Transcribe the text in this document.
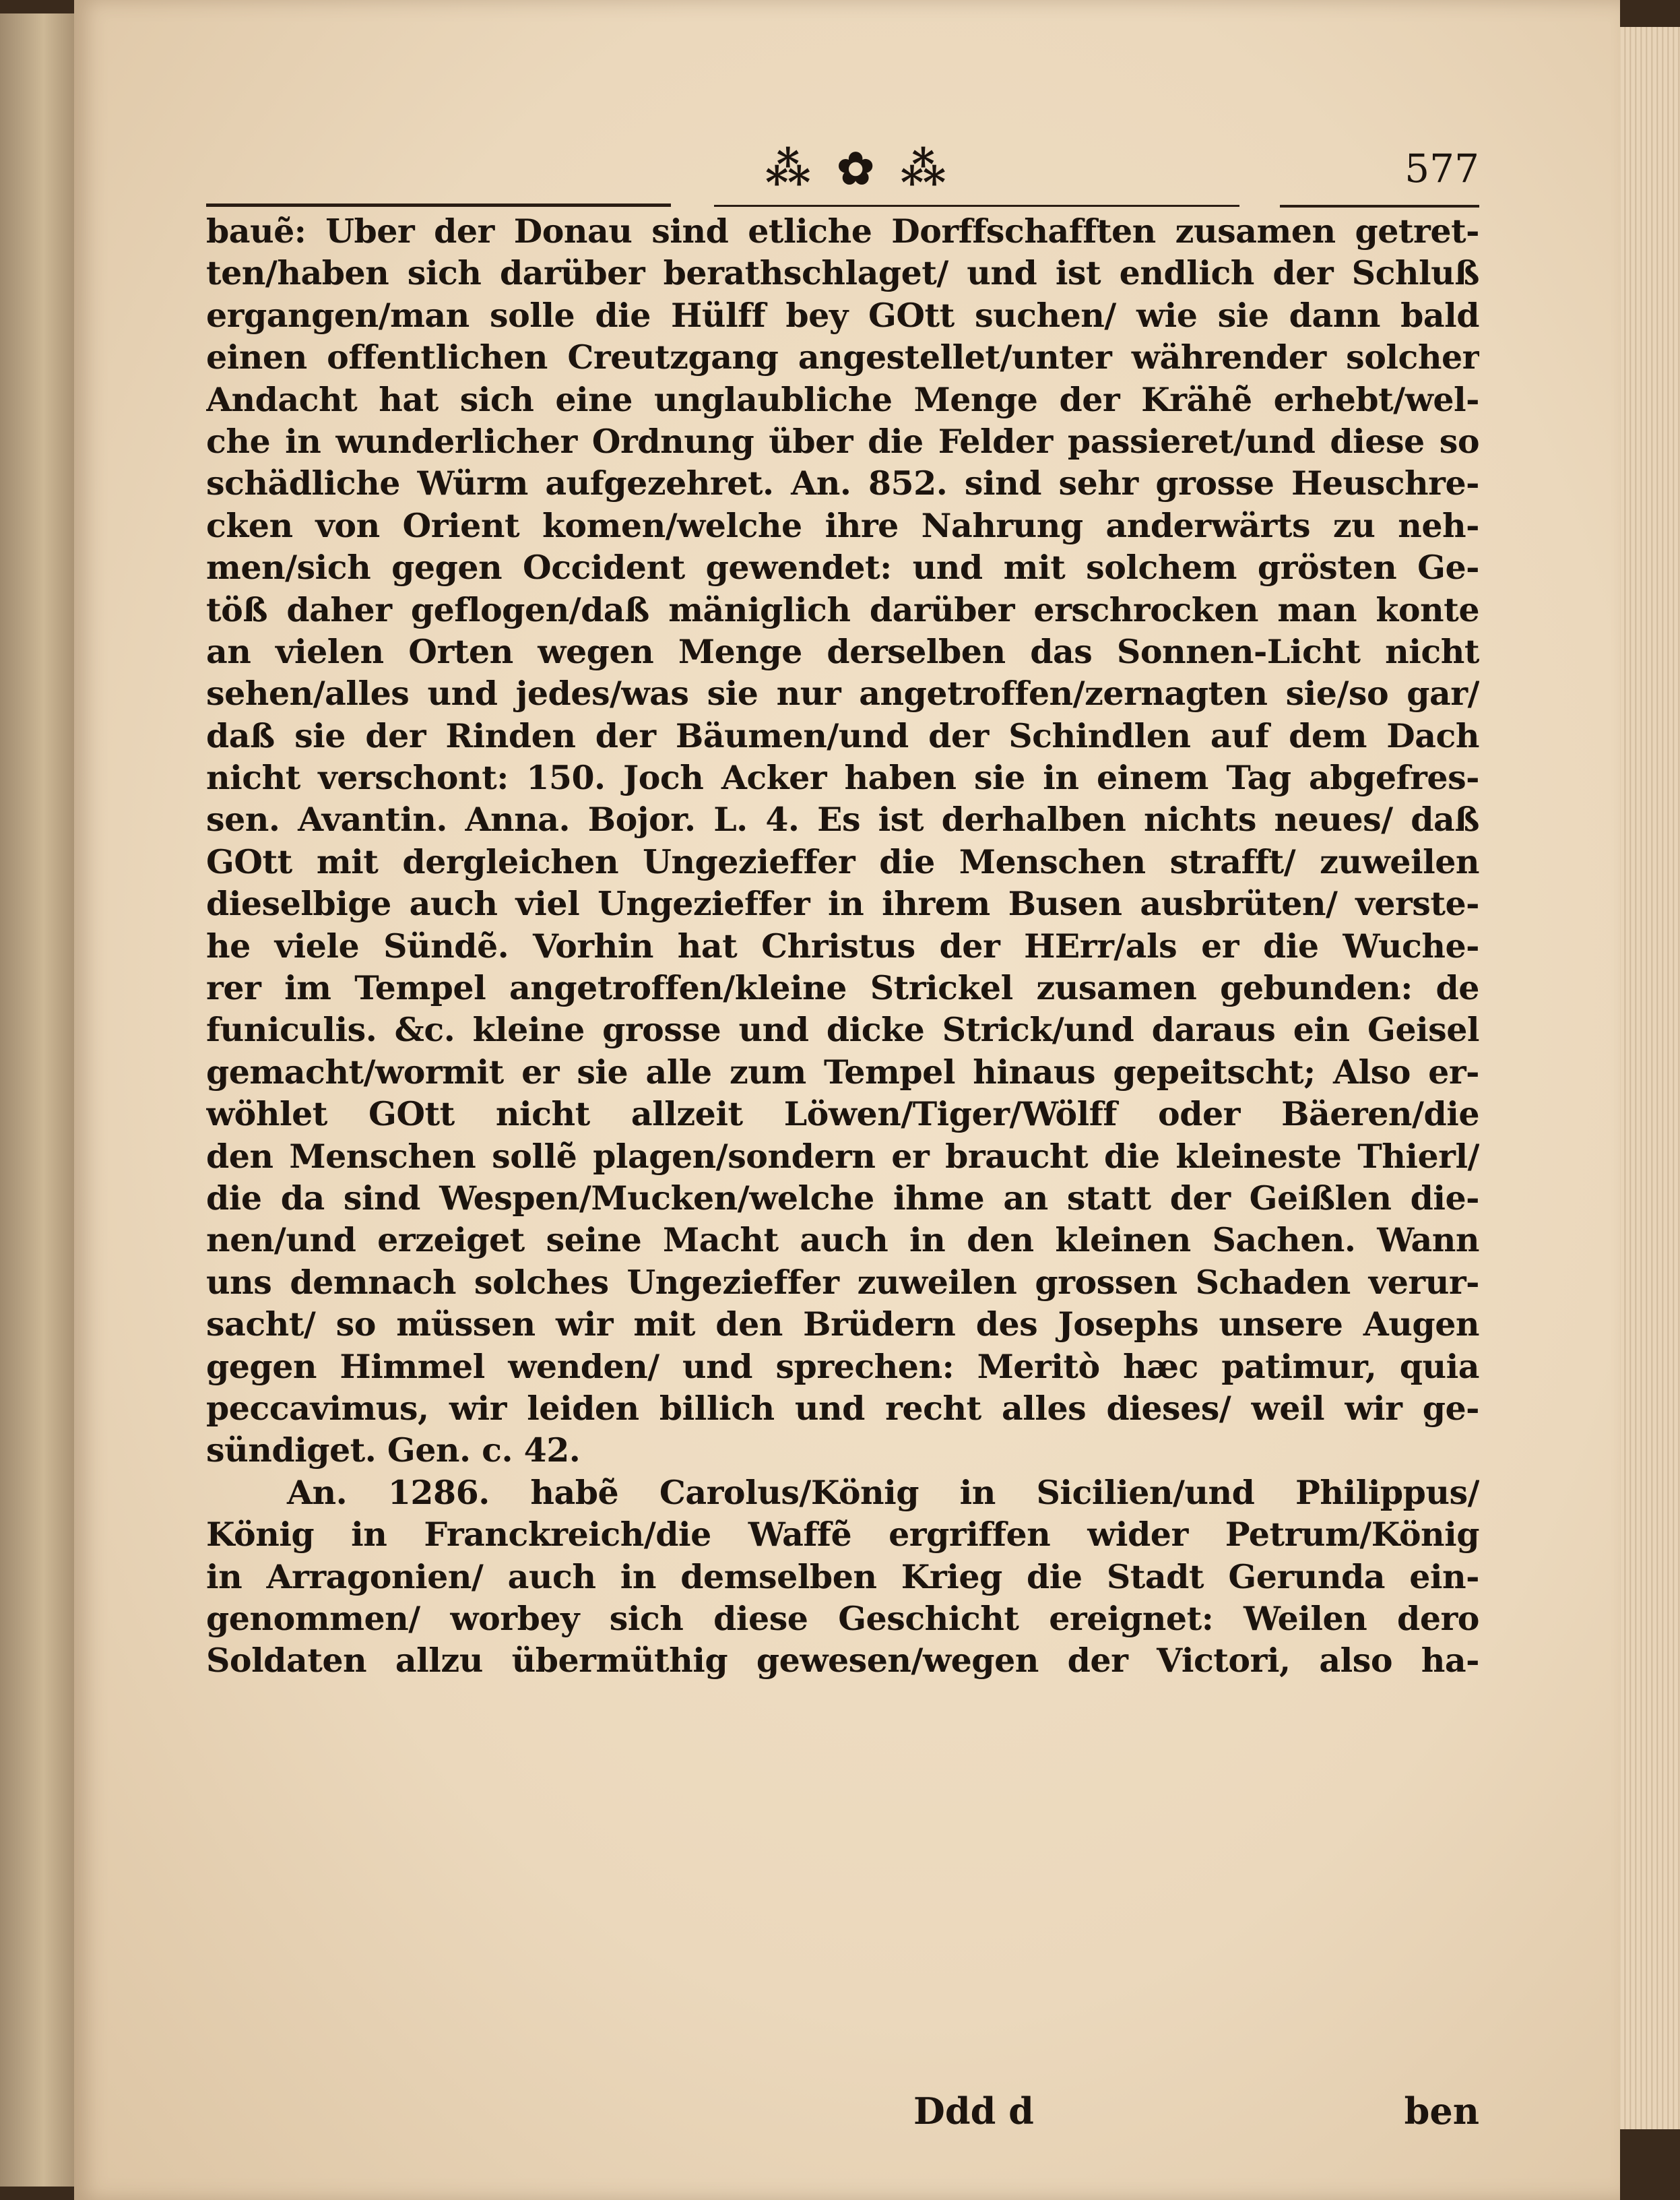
⁂ ✿ ⁂	577
bauẽ: Uber der Donau sind etliche Dorffschafften zusamen getret-
ten/haben sich darüber berathschlaget/ und ist endlich der Schluß
ergangen/man solle die Hülff bey GOtt suchen/ wie sie dann bald
einen offentlichen Creutzgang angestellet/unter währender solcher
Andacht hat sich eine unglaubliche Menge der Krähẽ erhebt/wel-
che in wunderlicher Ordnung über die Felder passieret/und diese so
schädliche Würm aufgezehret. An. 852. sind sehr grosse Heuschre-
cken von Orient komen/welche ihre Nahrung anderwärts zu neh-
men/sich gegen Occident gewendet: und mit solchem grösten Ge-
töß daher geflogen/daß mäniglich darüber erschrocken man konte
an vielen Orten wegen Menge derselben das Sonnen-Licht nicht
sehen/alles und jedes/was sie nur angetroffen/zernagten sie/so gar/
daß sie der Rinden der Bäumen/und der Schindlen auf dem Dach
nicht verschont: 150. Joch Acker haben sie in einem Tag abgefres-
sen. Avantin. Anna. Bojor. L. 4. Es ist derhalben nichts neues/ daß
GOtt mit dergleichen Ungezieffer die Menschen strafft/ zuweilen
dieselbige auch viel Ungezieffer in ihrem Busen ausbrüten/ verste-
he viele Sündẽ. Vorhin hat Christus der HErr/als er die Wuche-
rer im Tempel angetroffen/kleine Strickel zusamen gebunden: de
funiculis. &c. kleine grosse und dicke Strick/und daraus ein Geisel
gemacht/wormit er sie alle zum Tempel hinaus gepeitscht; Also er-
wöhlet GOtt nicht allzeit Löwen/Tiger/Wölff oder Bäeren/die
den Menschen sollẽ plagen/sondern er braucht die kleineste Thierl/
die da sind Wespen/Mucken/welche ihme an statt der Geißlen die-
nen/und erzeiget seine Macht auch in den kleinen Sachen. Wann
uns demnach solches Ungezieffer zuweilen grossen Schaden verur-
sacht/ so müssen wir mit den Brüdern des Josephs unsere Augen
gegen Himmel wenden/ und sprechen: Meritò hæc patimur, quia
peccavimus, wir leiden billich und recht alles dieses/ weil wir ge-
sündiget. Gen. c. 42.
An. 1286. habẽ Carolus/König in Sicilien/und Philippus/
König in Franckreich/die Waffẽ ergriffen wider Petrum/König
in Arragonien/ auch in demselben Krieg die Stadt Gerunda ein-
genommen/ worbey sich diese Geschicht ereignet: Weilen dero
Soldaten allzu übermüthig gewesen/wegen der Victori, also ha-
Ddd d	ben
